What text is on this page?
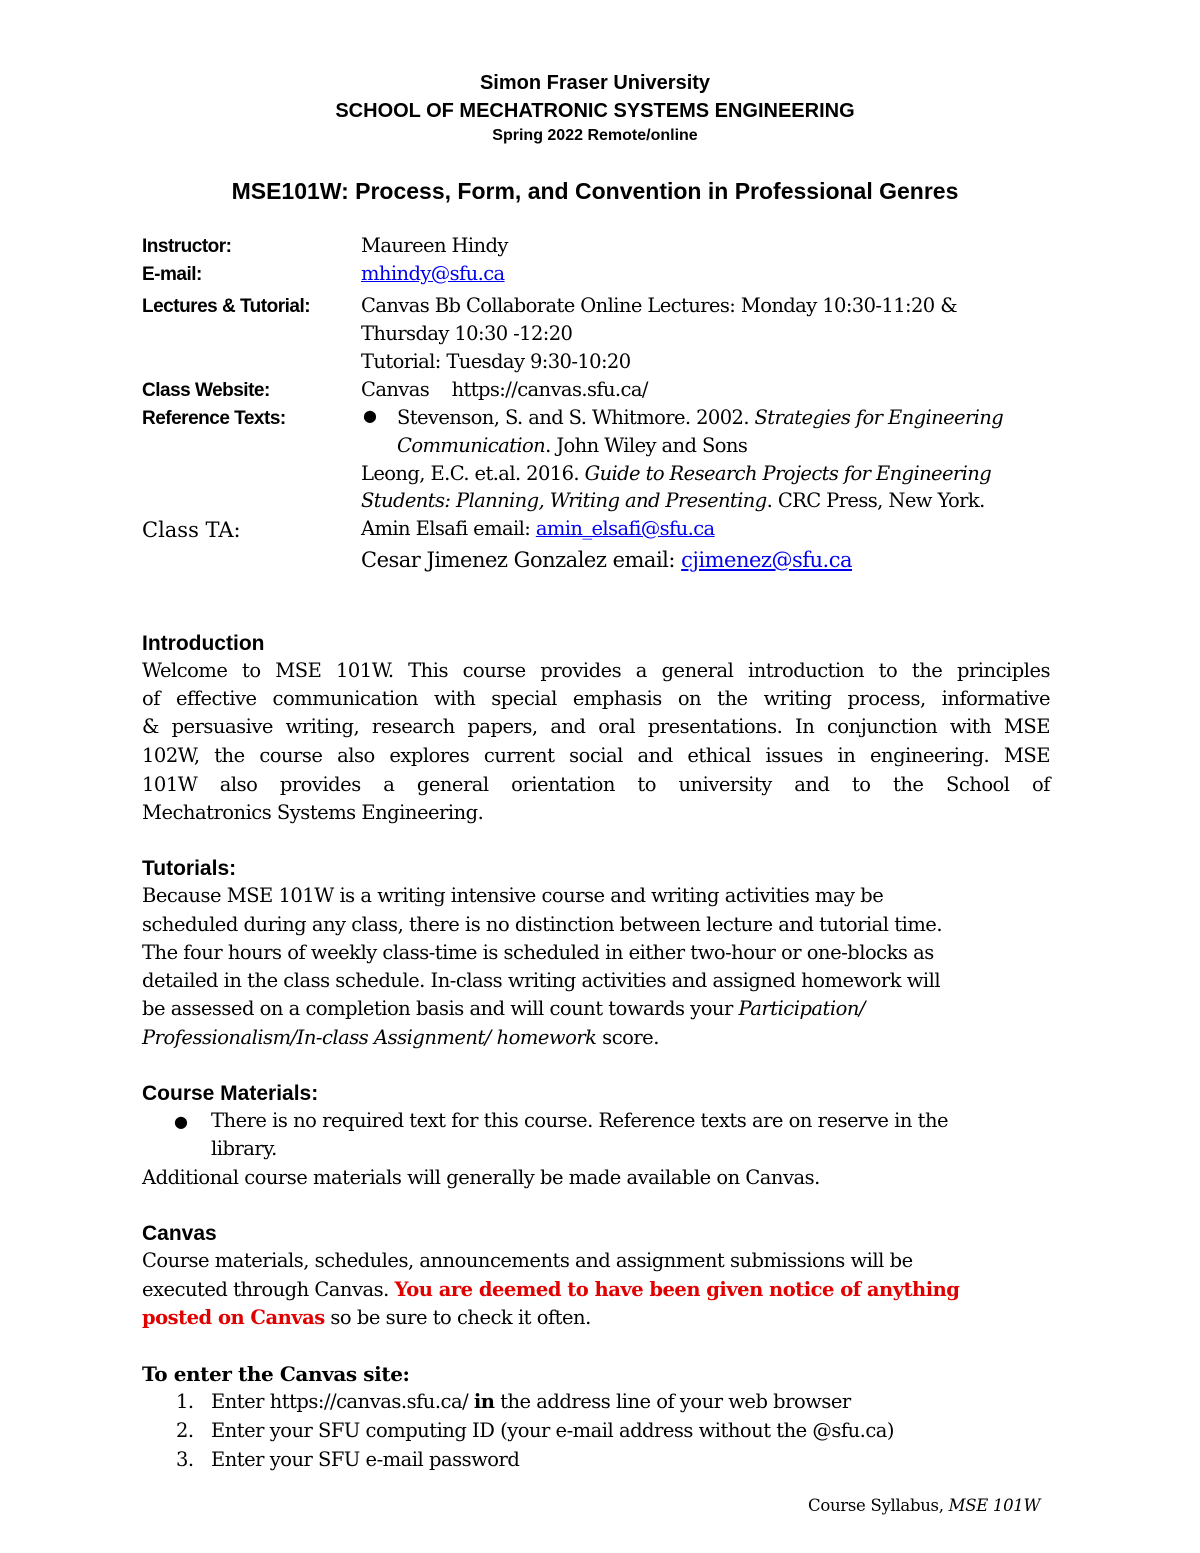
Simon Fraser University
SCHOOL OF MECHATRONIC SYSTEMS ENGINEERING
Spring 2022 Remote/online
MSE101W: Process, Form, and Convention in Professional Genres
Instructor:	Maureen Hindy
E-mail:	mhindy@sfu.ca
Lectures & Tutorial:	Canvas Bb Collaborate Online Lectures: Monday 10:30-11:20 &
Thursday 10:30 -12:20
Tutorial: Tuesday 9:30-10:20
Class Website:	Canvas https://canvas.sfu.ca/
Reference Texts:	● Stevenson, S. and S. Whitmore. 2002. Strategies for Engineering
Communication. John Wiley and Sons
Leong, E.C. et.al. 2016. Guide to Research Projects for Engineering
Students: Planning, Writing and Presenting. CRC Press, New York.
Class TA:	Amin Elsafi email: amin_elsafi@sfu.ca
Cesar Jimenez Gonzalez email: cjimenez@sfu.ca
Introduction
Welcome to MSE 101W. This course provides a general introduction to the principles
of effective communication with special emphasis on the writing process, informative
& persuasive writing, research papers, and oral presentations. In conjunction with MSE
102W, the course also explores current social and ethical issues in engineering. MSE
101W also provides a general orientation to university and to the School of
Mechatronics Systems Engineering.
Tutorials:
Because MSE 101W is a writing intensive course and writing activities may be
scheduled during any class, there is no distinction between lecture and tutorial time.
The four hours of weekly class-time is scheduled in either two-hour or one-blocks as
detailed in the class schedule. In-class writing activities and assigned homework will
be assessed on a completion basis and will count towards your Participation/
Professionalism/In-class Assignment/ homework score.
Course Materials:
● There is no required text for this course. Reference texts are on reserve in the
library.
Additional course materials will generally be made available on Canvas.
Canvas
Course materials, schedules, announcements and assignment submissions will be
executed through Canvas. You are deemed to have been given notice of anything
posted on Canvas so be sure to check it often.
To enter the Canvas site:
1. Enter https://canvas.sfu.ca/ in the address line of your web browser
2. Enter your SFU computing ID (your e-mail address without the @sfu.ca)
3. Enter your SFU e-mail password
Course Syllabus, MSE 101W
